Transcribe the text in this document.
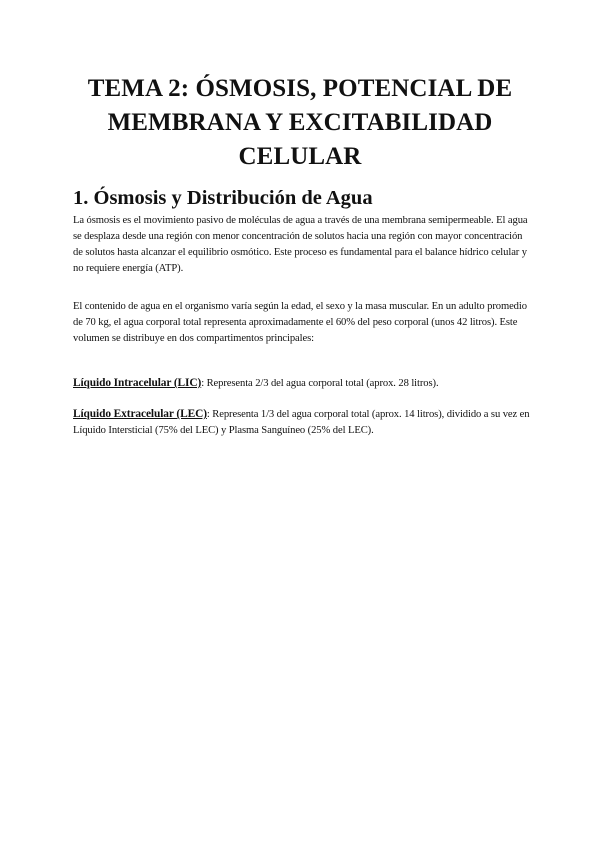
TEMA 2: ÓSMOSIS, POTENCIAL DE MEMBRANA Y EXCITABILIDAD CELULAR
1. Ósmosis y Distribución de Agua

La ósmosis es el movimiento pasivo de moléculas de agua a través de una membrana semipermeable. El agua se desplaza desde una región con menor concentración de solutos hacia una región con mayor concentración de solutos hasta alcanzar el equilibrio osmótico. Este proceso es fundamental para el balance hídrico celular y no requiere energía (ATP).

El contenido de agua en el organismo varía según la edad, el sexo y la masa muscular. En un adulto promedio de 70 kg, el agua corporal total representa aproximadamente el 60% del peso corporal (unos 42 litros). Este volumen se distribuye en dos compartimentos principales:

Líquido Intracelular (LIC): Representa 2/3 del agua corporal total (aprox. 28 litros).

Líquido Extracelular (LEC): Representa 1/3 del agua corporal total (aprox. 14 litros), dividido a su vez en Líquido Intersticial (75% del LEC) y Plasma Sanguíneo (25% del LEC).
